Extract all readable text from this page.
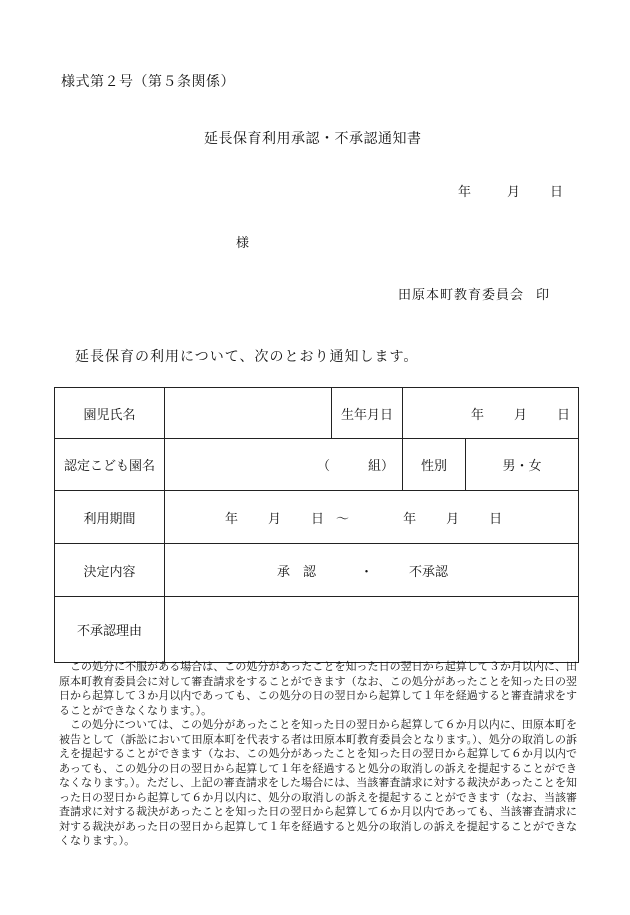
様式第２号（第５条関係）
延長保育利用承認・不承認通知書
年	月 日
様
田原本町教育委員会 印
延長保育の利用について、次のとおり通知します。
園児氏名		生年月日	年 月 日	
認定こども園名	（ 組）		性別	男・女
利用期間	年 月 日 ～ 年 月 日			
決定内容	承　認 ・ 不承認			
不承認理由				

この処分に不服がある場合は、この処分があったことを知った日の翌日から起算して３か月以内に、田原本町教育委員会に対して審査請求をすることができます（なお、この処分があったことを知った日の翌日から起算して３か月以内であっても、この処分の日の翌日から起算して１年を経過すると審査請求をすることができなくなります。）。

この処分については、この処分があったことを知った日の翌日から起算して６か月以内に、田原本町を被告として（訴訟において田原本町を代表する者は田原本町教育委員会となります。）、処分の取消しの訴えを提起することができます（なお、この処分があったことを知った日の翌日から起算して６か月以内であっても、この処分の日の翌日から起算して１年を経過すると処分の取消しの訴えを提起することができなくなります。）。ただし、上記の審査請求をした場合には、当該審査請求に対する裁決があったことを知った日の翌日から起算して６か月以内に、処分の取消しの訴えを提起することができます（なお、当該審査請求に対する裁決があったことを知った日の翌日から起算して６か月以内であっても、当該審査請求に対する裁決があった日の翌日から起算して１年を経過すると処分の取消しの訴えを提起することができなくなります。）。
